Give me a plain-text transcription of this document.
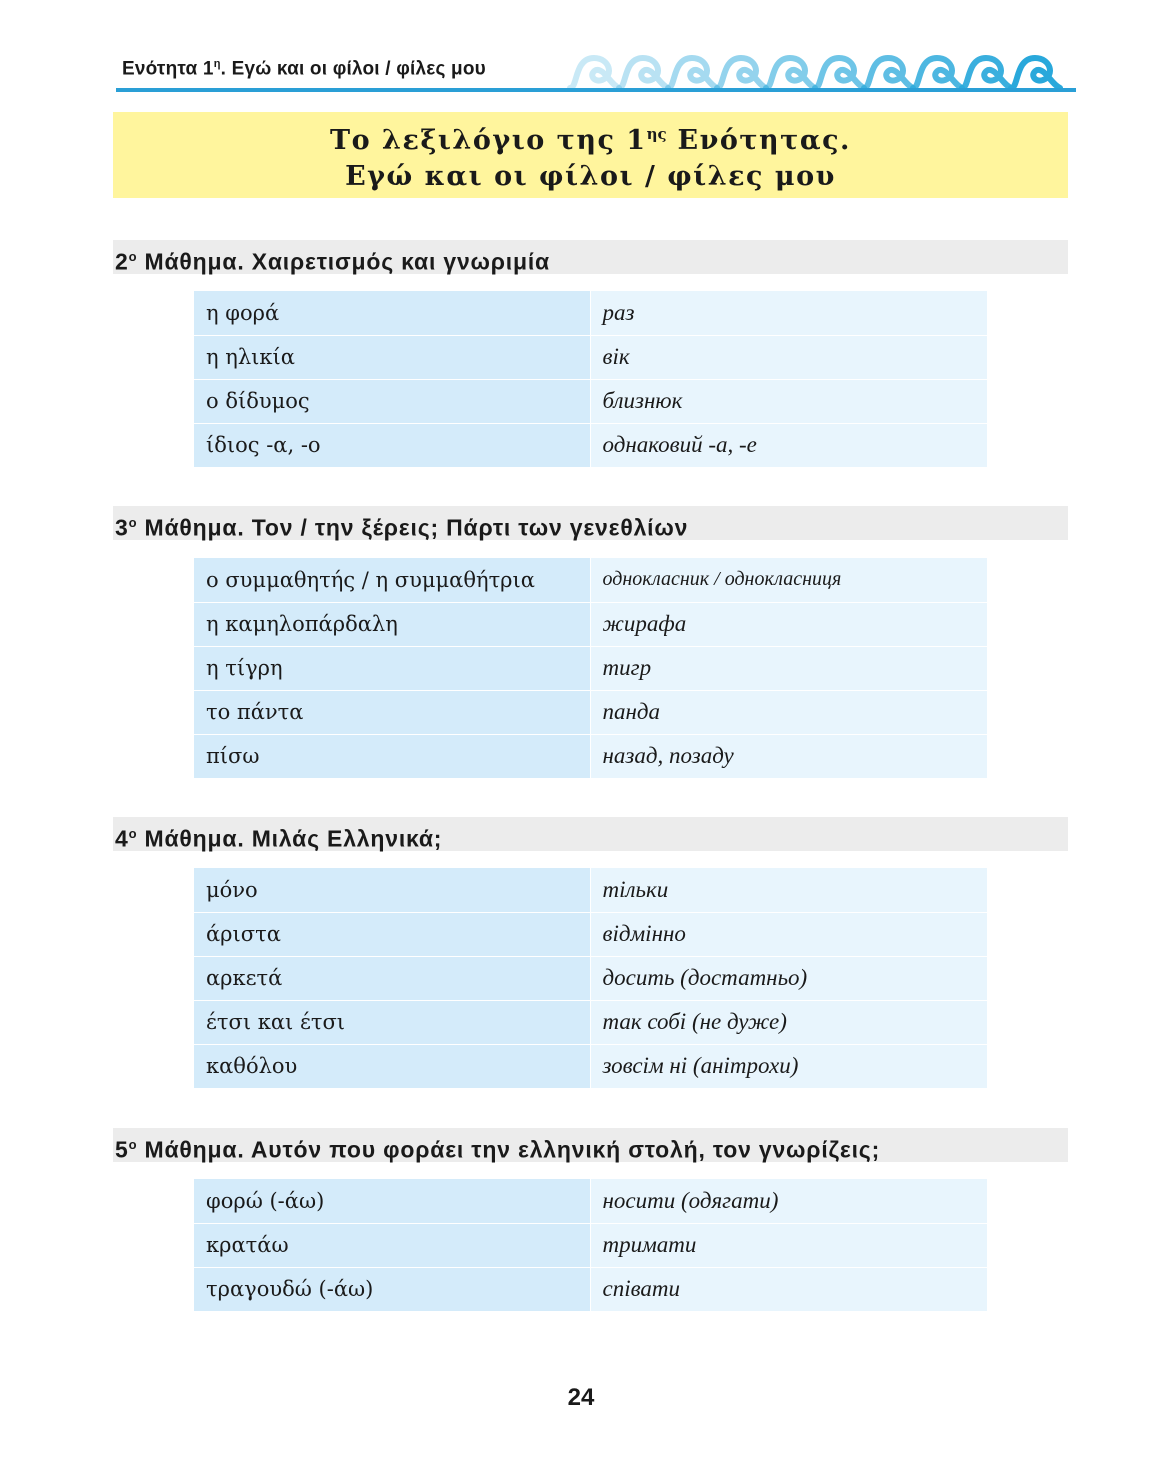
Ενότητα $1^\eta$. Εγώ και οι φίλοι / φίλες μου
Το λεξιλόγιο της $1^{\eta\varsigma}$ Ενότητας.
Εγώ και οι φίλοι / φίλες μου
$2^o$ Μάθημα. Χαιρετισμός και γνωριμία
η φορά	раз
η ηλικία	вік
ο δίδυμος	близнюк
ίδιος -α, -ο	однаковий -а, -е
$3^o$ Μάθημα. Τον / την ξέρεις; Πάρτι των γενεθλίων
ο συμμαθητής / η συμμαθήτρια	однокласник / однокласниця
η καμηλοπάρδαλη	жирафа
η τίγρη	тигр
το πάντα	панда
πίσω	назад, позаду
$4^o$ Μάθημα. Μιλάς Ελληνικά;
μόνο	тільки
άριστα	відмінно
αρκετά	досить (достатньо)
έτσι και έτσι	так собі (не дуже)
καθόλου	зовсім ні (анітрохи)
$5^o$ Μάθημα. Αυτόν που φοράει την ελληνική στολή, τον γνωρίζεις;
φορώ (-άω)	носити (одягати)
κρατάω	тримати
τραγουδώ (-άω)	співати
24
